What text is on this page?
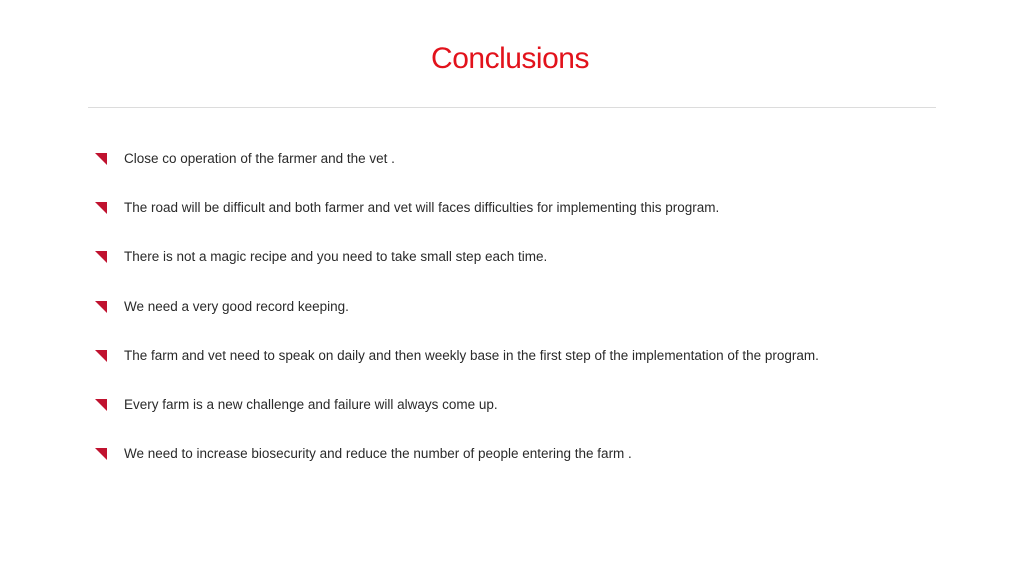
Conclusions
Close co operation of the farmer and the vet .
The road will be difficult and both farmer and vet will faces difficulties for implementing this program.
There is not a magic recipe and you need to take small step each time.
We need a very good record keeping.
The farm and vet need to speak on daily and then weekly base in the first step of the implementation of the program.
Every farm is a new challenge and failure will always come up.
We need to increase biosecurity and reduce the number of people entering the farm .
